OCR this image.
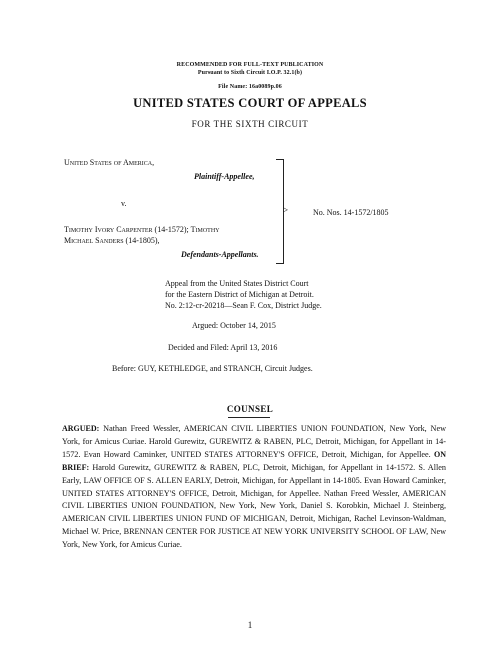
RECOMMENDED FOR FULL-TEXT PUBLICATION
Pursuant to Sixth Circuit I.O.P. 32.1(b)
File Name: 16a0089p.06
UNITED STATES COURT OF APPEALS
FOR THE SIXTH CIRCUIT
United States of America,
Plaintiff-Appellee,
v.
Timothy Ivory Carpenter (14-1572); Timothy
Michael Sanders (14-1805),
Defendants-Appellants.
>	No. Nos. 14-1572/1805
Appeal from the United States District Court
for the Eastern District of Michigan at Detroit.
No. 2:12-cr-20218—Sean F. Cox, District Judge.
Argued: October 14, 2015
Decided and Filed: April 13, 2016
Before: GUY, KETHLEDGE, and STRANCH, Circuit Judges.
COUNSEL
ARGUED: Nathan Freed Wessler, AMERICAN CIVIL LIBERTIES UNION FOUNDATION, New York, New York, for Amicus Curiae. Harold Gurewitz, GUREWITZ & RABEN, PLC, Detroit, Michigan, for Appellant in 14-1572. Evan Howard Caminker, UNITED STATES ATTORNEY'S OFFICE, Detroit, Michigan, for Appellee. ON BRIEF: Harold Gurewitz, GUREWITZ & RABEN, PLC, Detroit, Michigan, for Appellant in 14-1572. S. Allen Early, LAW OFFICE OF S. ALLEN EARLY, Detroit, Michigan, for Appellant in 14-1805. Evan Howard Caminker, UNITED STATES ATTORNEY'S OFFICE, Detroit, Michigan, for Appellee. Nathan Freed Wessler, AMERICAN CIVIL LIBERTIES UNION FOUNDATION, New York, New York, Daniel S. Korobkin, Michael J. Steinberg, AMERICAN CIVIL LIBERTIES UNION FUND OF MICHIGAN, Detroit, Michigan, Rachel Levinson-Waldman, Michael W. Price, BRENNAN CENTER FOR JUSTICE AT NEW YORK UNIVERSITY SCHOOL OF LAW, New York, New York, for Amicus Curiae.
1
